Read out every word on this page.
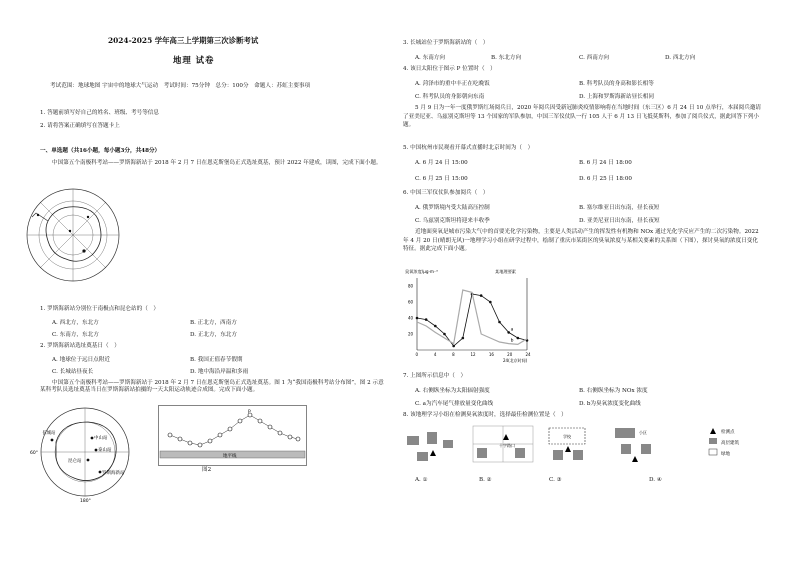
2024-2025 学年高三上学期第三次诊断考试
地理 试卷
考试范围：地球地图 宇宙中的地球大气运动　考试时间：75分钟　总分：100分　命题人：苏虹主要事项
1. 答题前填写好自己的姓名、班级、考号等信息
2. 请将答案正确填写在答题卡上
一、单选题（共16小题，每小题3分，共48分）
中国第五个南极科考站——罗斯海新站于 2018 年 2 月 7 日在恩克斯堡岛正式选址奠基，预计 2022 年建成，读图，完成下面小题。
1. 罗斯海新站分别位于南极点和昆仑站的（　）
A. 西北方，东北方	B. 正北方，西南方
C. 东南方，东北方	D. 正北方，东北方
2. 罗斯海新站选址奠基日（　）
A. 地球位于远日点附近	B. 我国正值春节假期
C. 长城站昼夜长	D. 地中海沿岸温和多雨
中国第五个南极科考站——罗斯海新站于 2018 年 2 月 7 日在恩克斯堡岛正式选址奠基。图 1 为“我国南极科考站分布图”，图 2 示意某科考队员选址奠基当日在罗斯海新站拍摄的一天太阳运动轨迹合成图。完成下面小题。
中山站
泰山站
昆仑站
罗斯海新站
长城站
60°
180°
地平线
P
图2
3. 长城站位于罗斯海新站的（　）
A. 东南方向	B. 东北方向	C. 西南方向	D. 西北方向
4. 该日太阳位于图示 P 位置时（　）
A. 菏泽市的重中丰正在吃晚饭	B. 科考队员的身高和影长相等
C. 科考队员的身影朝向东南	D. 上海和罗斯海新站昼长相同
5 月 9 日为一年一度俄罗斯红场阅兵日，2020 年阅兵因受新冠肺炎疫情影响将在当地时间（东三区）6 月 24 日 10 点举行，本届阅兵邀请了亚美尼亚、乌兹别克斯坦等 13 个国家的军队参加，中国三军仪仗队一行 105 人于 6 月 13 日飞抵莫斯科，参加了阅兵仪式，据此回答下列小题。
5. 中国杭州市民观看开幕式直播时北京时间为（　）
A. 6 月 24 日 15:00	B. 6 月 24 日 18:00
C. 6 月 25 日 15:00	D. 6 月 25 日 18:00
6. 中国三军仪仗队参加阅兵（　）
A. 俄罗斯境内受大陆高压控制	B. 塞尔维亚日出东南，昼长夜短
C. 乌兹别克斯坦将迎来丰收季	D. 亚美尼亚日出东南，昼长夜短
近地面臭氧是城市污染大气中的首要光化学污染物，主要是人类活动产生的挥发性有机物和 NOx 通过光化学反应产生的二次污染物。2022 年 4 月 20 日(晴朗无风)一地理学习小组在研学过程中，绘制了重庆市某街区的臭氧浓度与某相关要素的关系图（下图），探讨臭氧的浓度日变化特征。据此完成下面小题。
臭氧浓度/μg·m⁻³	某地理要素
24(北京时间)
20
40
60
80
0	4	8	12	16	20	24
a
b
7. 上图所示信息中（　）
A. 右侧纵坐标为太阳辐射强度	B. 右侧纵坐标为 NOx 浓度
C. a为汽车尾气排放量变化曲线	D. b为臭氧浓度变化曲线
8. 该地理学习小组在检测臭氧浓度时，选择最佳检测位置是（　）
十字路口
学校
小区	检测点
高层建筑
绿地
A. ①	B. ②	C. ③	D. ④
